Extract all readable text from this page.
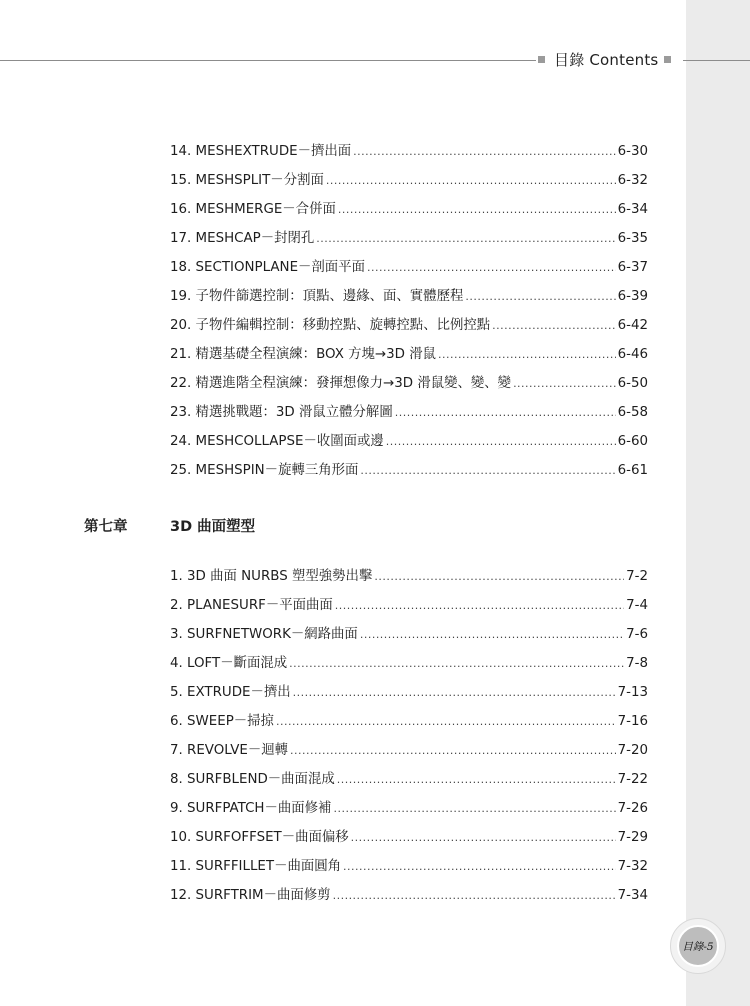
目錄 Contents
14. MESHEXTRUDE－擠出面 .....	6-30
15. MESHSPLIT－分割面 .....	6-32
16. MESHMERGE－合併面 .....	6-34
17. MESHCAP－封閉孔 .....	6-35
18. SECTIONPLANE－剖面平面 .....	6-37
19. 子物件篩選控制：頂點、邊緣、面、實體歷程 .....	6-39
20. 子物件編輯控制：移動控點、旋轉控點、比例控點 .....	6-42
21. 精選基礎全程演練：BOX 方塊→3D 滑鼠 .....	6-46
22. 精選進階全程演練：發揮想像力→3D 滑鼠變、變、變 .....	6-50
23. 精選挑戰題：3D 滑鼠立體分解圖 .....	6-58
24. MESHCOLLAPSE－收圍面或邊 .....	6-60
25. MESHSPIN－旋轉三角形面 .....	6-61
第七章	3D 曲面塑型
1. 3D 曲面 NURBS 塑型強勢出擊 .....	7-2
2. PLANESURF－平面曲面 .....	7-4
3. SURFNETWORK－網路曲面 .....	7-6
4. LOFT－斷面混成 .....	7-8
5. EXTRUDE－擠出 .....	7-13
6. SWEEP－掃掠 .....	7-16
7. REVOLVE－迴轉 .....	7-20
8. SURFBLEND－曲面混成 .....	7-22
9. SURFPATCH－曲面修補 .....	7-26
10. SURFOFFSET－曲面偏移 .....	7-29
11. SURFFILLET－曲面圓角 .....	7-32
12. SURFTRIM－曲面修剪 .....	7-34
目錄-5
